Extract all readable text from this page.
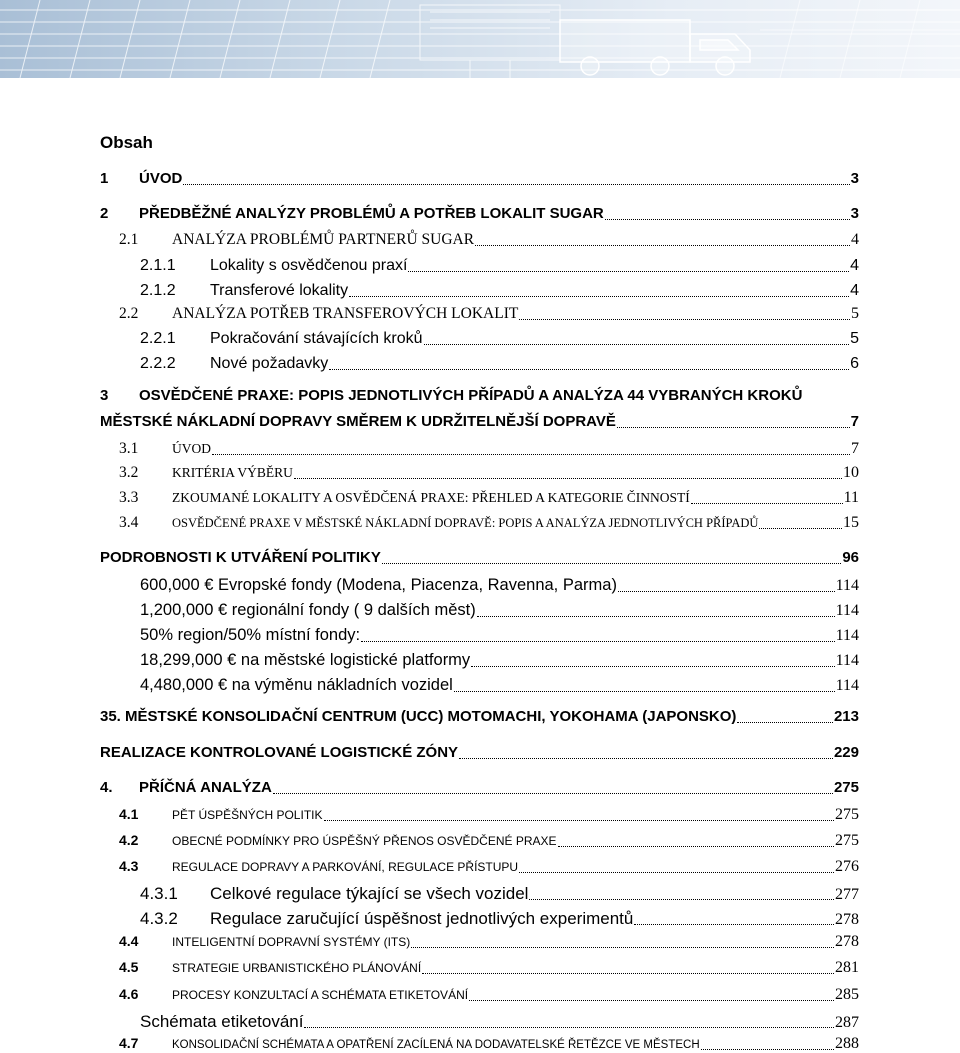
Obsah
1	ÚVOD	3
2	PŘEDBĚŽNÉ ANALÝZY PROBLÉMŮ A POTŘEB LOKALIT SUGAR	3
2.1	ANALÝZA PROBLÉMŮ PARTNERŮ SUGAR	4
2.1.1	Lokality s osvědčenou praxí	4
2.1.2	Transferové lokality	4
2.2	ANALÝZA POTŘEB TRANSFEROVÝCH LOKALIT	5
2.2.1	Pokračování stávajících kroků	5
2.2.2	Nové požadavky	6
3	OSVĚDČENÉ PRAXE: POPIS JEDNOTLIVÝCH PŘÍPADŮ A ANALÝZA 44 VYBRANÝCH KROKŮ
MĚSTSKÉ NÁKLADNÍ DOPRAVY SMĚREM K UDRŽITELNĚJŠÍ DOPRAVĚ	7
3.1	ÚVOD	7
3.2	KRITÉRIA VÝBĚRU	10
3.3	ZKOUMANÉ LOKALITY A OSVĚDČENÁ PRAXE: PŘEHLED A KATEGORIE ČINNOSTÍ	11
3.4	OSVĚDČENÉ PRAXE V MĚSTSKÉ NÁKLADNÍ DOPRAVĚ: POPIS A ANALÝZA JEDNOTLIVÝCH PŘÍPADŮ	15
PODROBNOSTI K UTVÁŘENÍ POLITIKY	96
600,000 € Evropské fondy (Modena, Piacenza, Ravenna, Parma)	114
1,200,000 € regionální fondy ( 9 dalších měst)	114
50% region/50% místní fondy:	114
18,299,000 € na městské logistické platformy	114
4,480,000 € na výměnu nákladních vozidel	114
35. MĚSTSKÉ KONSOLIDAČNÍ CENTRUM (UCC) MOTOMACHI, YOKOHAMA (JAPONSKO)	213
REALIZACE KONTROLOVANÉ LOGISTICKÉ ZÓNY	229
4.	PŘÍČNÁ ANALÝZA	275
4.1	PĚT ÚSPĚŠNÝCH POLITIK	275
4.2	OBECNÉ PODMÍNKY PRO ÚSPĚŠNÝ PŘENOS OSVĚDČENÉ PRAXE	275
4.3	REGULACE DOPRAVY A PARKOVÁNÍ, REGULACE PŘÍSTUPU	276
4.3.1	Celkové regulace týkající se všech vozidel	277
4.3.2	Regulace zaručující úspěšnost jednotlivých experimentů	278
4.4	INTELIGENTNÍ DOPRAVNÍ SYSTÉMY (ITS)	278
4.5	STRATEGIE URBANISTICKÉHO PLÁNOVÁNÍ	281
4.6	PROCESY KONZULTACÍ A SCHÉMATA ETIKETOVÁNÍ	285
Schémata etiketování	287
4.7	KONSOLIDAČNÍ SCHÉMATA A OPATŘENÍ ZACÍLENÁ NA DODAVATELSKÉ ŘETĚZCE VE MĚSTECH	288
